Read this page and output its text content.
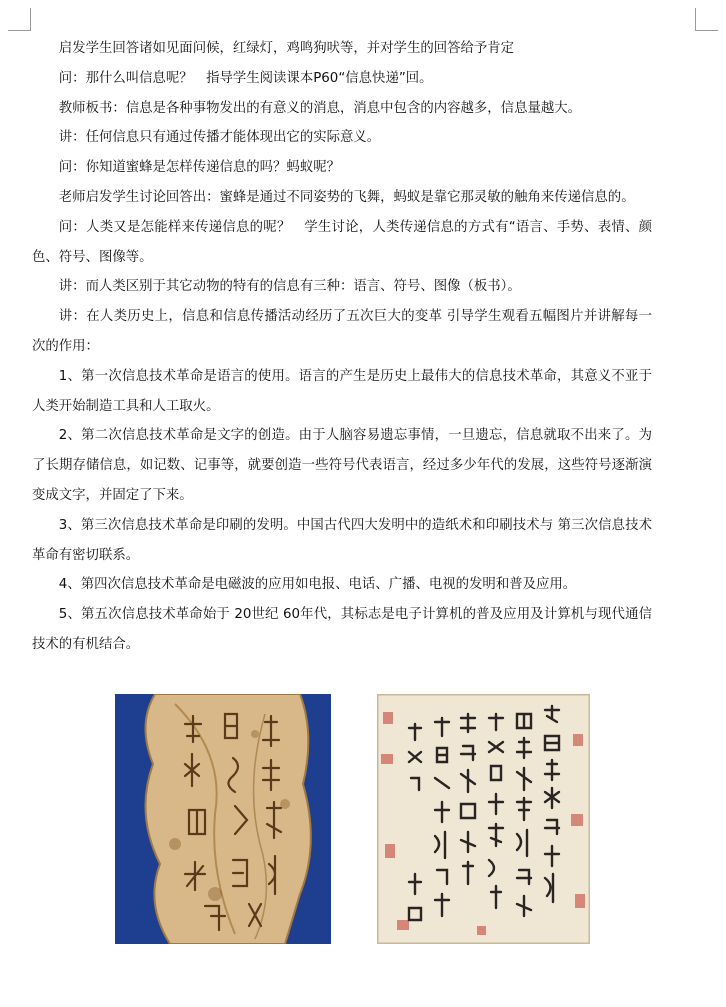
启发学生回答诸如见面问候，红绿灯，鸡鸣狗吠等，并对学生的回答给予肯定

问：那什么叫信息呢？　指导学生阅读课本P60“信息快递”回。

教师板书：信息是各种事物发出的有意义的消息，消息中包含的内容越多，信息量越大。

讲：任何信息只有通过传播才能体现出它的实际意义。

问：你知道蜜蜂是怎样传递信息的吗？蚂蚁呢？

老师启发学生讨论回答出：蜜蜂是通过不同姿势的飞舞，蚂蚁是靠它那灵敏的触角来传递信息的。

问：人类又是怎能样来传递信息的呢？　学生讨论，人类传递信息的方式有“语言、手势、表情、颜色、符号、图像等。

讲：而人类区别于其它动物的特有的信息有三种：语言、符号、图像（板书）。

讲：在人类历史上，信息和信息传播活动经历了五次巨大的变革 引导学生观看五幅图片并讲解每一次的作用：

1、第一次信息技术革命是语言的使用。语言的产生是历史上最伟大的信息技术革命，其意义不亚于人类开始制造工具和人工取火。

2、第二次信息技术革命是文字的创造。由于人脑容易遗忘事情，一旦遗忘，信息就取不出来了。为了长期存储信息，如记数、记事等，就要创造一些符号代表语言，经过多少年代的发展，这些符号逐渐演变成文字，并固定了下来。

3、第三次信息技术革命是印刷的发明。中国古代四大发明中的造纸术和印刷技术与 第三次信息技术革命有密切联系。

4、第四次信息技术革命是电磁波的应用如电报、电话、广播、电视的发明和普及应用。

5、第五次信息技术革命始于 20世纪 60年代，其标志是电子计算机的普及应用及计算机与现代通信技术的有机结合。
